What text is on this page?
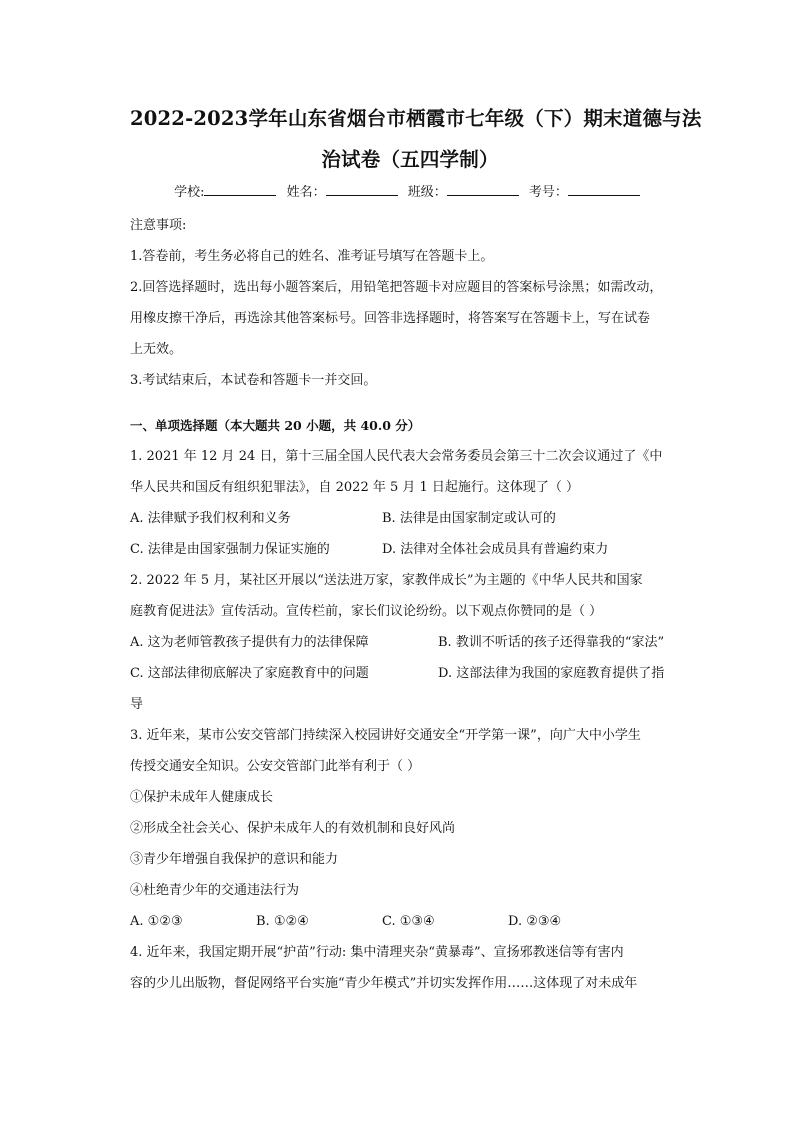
2022-2023学年山东省烟台市栖霞市七年级（下）期末道德与法
治试卷（五四学制）
学校:	姓名：	班级：	考号：

注意事项:

1.答卷前，考生务必将自己的姓名、准考证号填写在答题卡上。

2.回答选择题时，选出每小题答案后，用铅笔把答题卡对应题目的答案标号涂黑；如需改动，

用橡皮擦干净后，再选涂其他答案标号。回答非选择题时，将答案写在答题卡上，写在试卷

上无效。

3.考试结束后，本试卷和答题卡一并交回。

一、单项选择题（本大题共 20 小题，共 40.0 分）

1. 2021 年 12 月 24 日，第十三届全国人民代表大会常务委员会第三十二次会议通过了《中

华人民共和国反有组织犯罪法》，自 2022 年 5 月 1 日起施行。这体现了（ ）

A. 法律赋予我们权利和义务	B. 法律是由国家制定或认可的
C. 法律是由国家强制力保证实施的	D. 法律对全体社会成员具有普遍约束力

2. 2022 年 5 月，某社区开展以“送法进万家，家教伴成长”为主题的《中华人民共和国家

庭教育促进法》宣传活动。宣传栏前，家长们议论纷纷。以下观点你赞同的是（ ）

A. 这为老师管教孩子提供有力的法律保障	B. 教训不听话的孩子还得靠我的“家法”
C. 这部法律彻底解决了家庭教育中的问题	D. 这部法律为我国的家庭教育提供了指

导

3. 近年来，某市公安交管部门持续深入校园讲好交通安全“开学第一课”，向广大中小学生

传授交通安全知识。公安交管部门此举有利于（ ）

①保护未成年人健康成长

②形成全社会关心、保护未成年人的有效机制和良好风尚

③青少年增强自我保护的意识和能力

④杜绝青少年的交通违法行为

A. ①②③	B. ①②④	C. ①③④	D. ②③④

4. 近年来，我国定期开展“护苗”行动: 集中清理夹杂“黄暴毒”、宣扬邪教迷信等有害内

容的少儿出版物，督促网络平台实施“青少年模式”并切实发挥作用……这体现了对未成年
